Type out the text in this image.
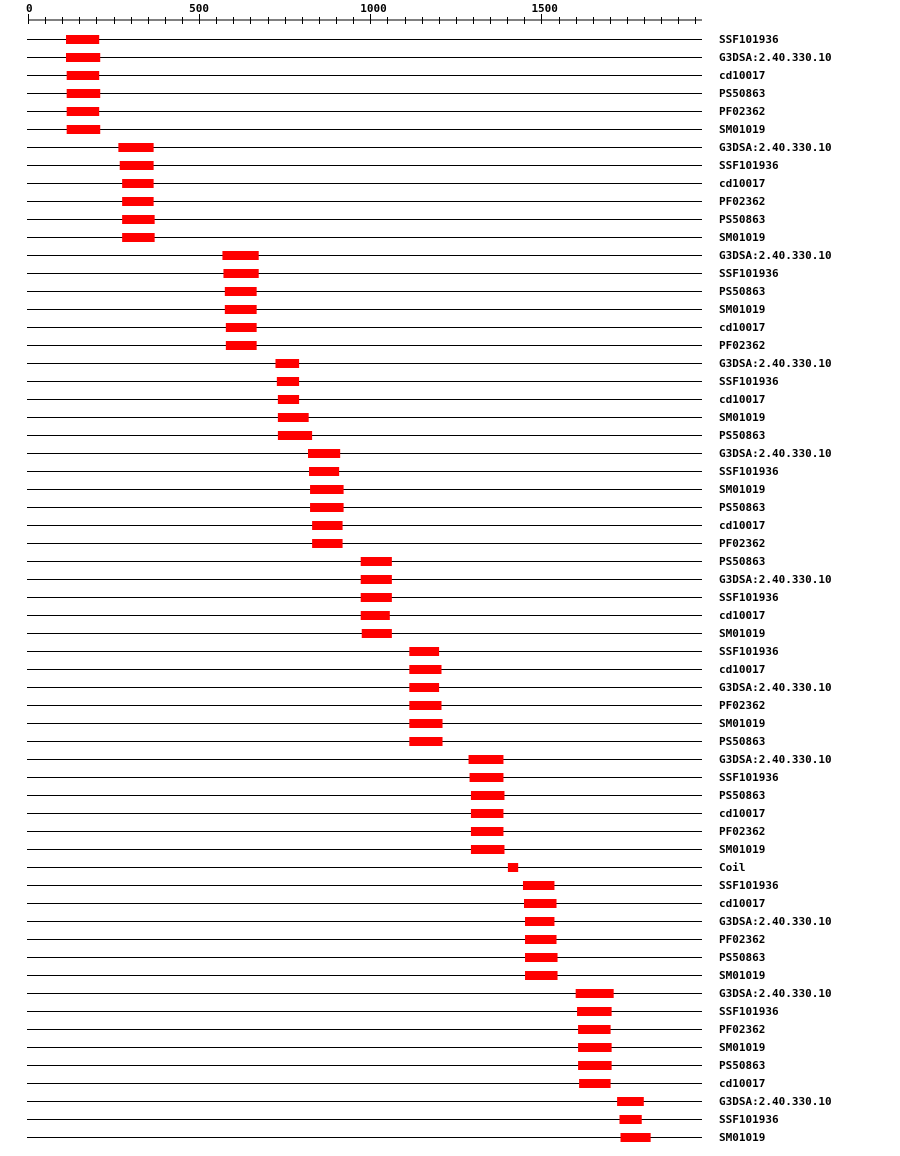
0	500	1000	1500
SSF101936
G3DSA:2.40.330.10
cd10017
PS50863
PF02362
SM01019
G3DSA:2.40.330.10
SSF101936
cd10017
PF02362
PS50863
SM01019
G3DSA:2.40.330.10
SSF101936
PS50863
SM01019
cd10017
PF02362
G3DSA:2.40.330.10
SSF101936
cd10017
SM01019
PS50863
G3DSA:2.40.330.10
SSF101936
SM01019
PS50863
cd10017
PF02362
PS50863
G3DSA:2.40.330.10
SSF101936
cd10017
SM01019
SSF101936
cd10017
G3DSA:2.40.330.10
PF02362
SM01019
PS50863
G3DSA:2.40.330.10
SSF101936
PS50863
cd10017
PF02362
SM01019
Coil
SSF101936
cd10017
G3DSA:2.40.330.10
PF02362
PS50863
SM01019
G3DSA:2.40.330.10
SSF101936
PF02362
SM01019
PS50863
cd10017
G3DSA:2.40.330.10
SSF101936
SM01019
